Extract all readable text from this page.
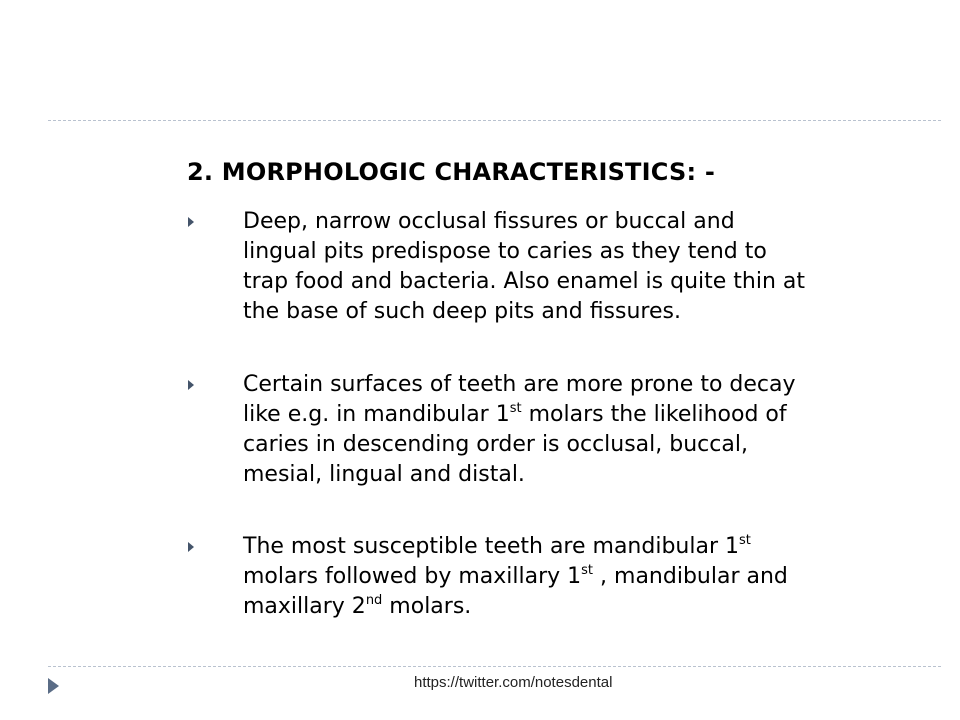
2. MORPHOLOGIC CHARACTERISTICS: -
Deep, narrow occlusal fissures or buccal and
lingual pits predispose to caries as they tend to
trap food and bacteria. Also enamel is quite thin at
the base of such deep pits and fissures.
Certain surfaces of teeth are more prone to decay
like e.g. in mandibular 1st molars the likelihood of
caries in descending order is occlusal, buccal,
mesial, lingual and distal.
The most susceptible teeth are mandibular 1st
molars followed by maxillary 1st , mandibular and
maxillary 2nd molars.
https://twitter.com/notesdental
